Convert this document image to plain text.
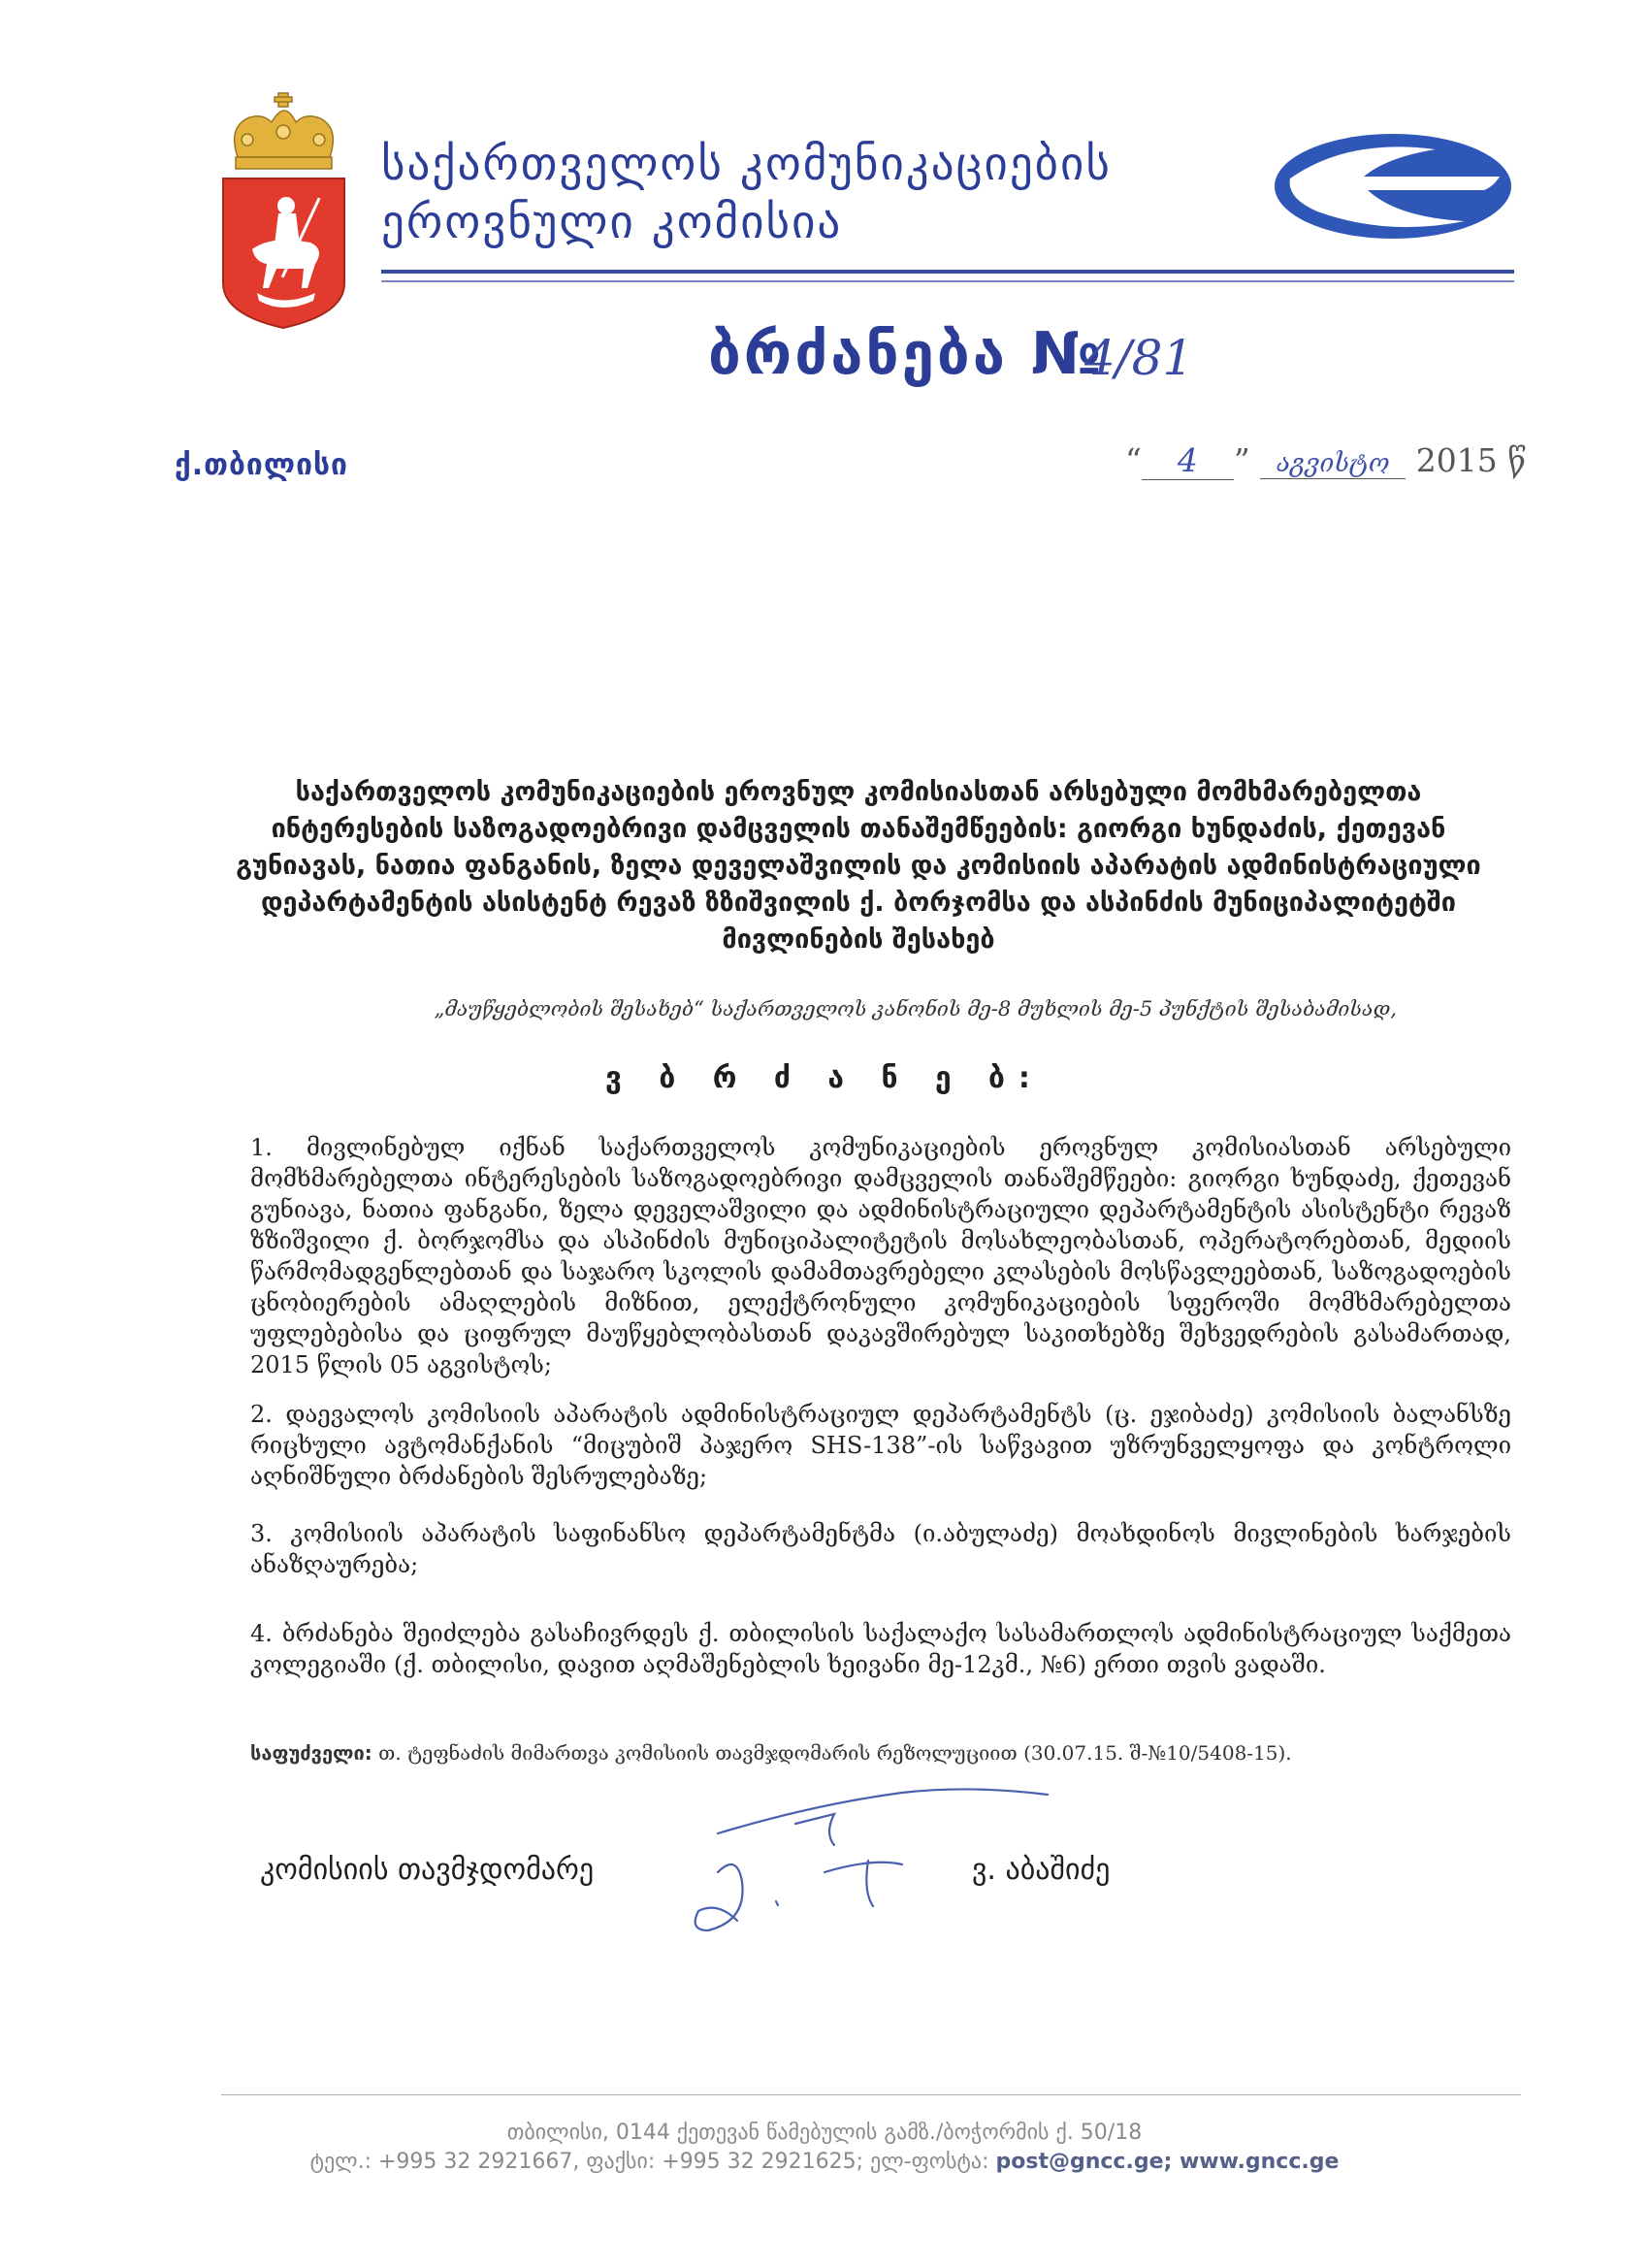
საქართველოს კომუნიკაციების
ეროვნული კომისია
ბრძანება №
4/81
ქ.თბილისი	“ 4 ” აგვისტო 2015 წ
საქართველოს კომუნიკაციების ეროვნულ კომისიასთან არსებული მომხმარებელთა ინტერესების საზოგადოებრივი დამცველის თანაშემწეების: გიორგი ხუნდაძის, ქეთევან გუნიავას, ნათია ფანგანის, ზელა დეველაშვილის და კომისიის აპარატის ადმინისტრაციული დეპარტამენტის ასისტენტ რევაზ ზზიშვილის ქ. ბორჯომსა და ასპინძის მუნიციპალიტეტში მივლინების შესახებ
„მაუწყებლობის შესახებ“ საქართველოს კანონის მე-8 მუხლის მე-5 პუნქტის შესაბამისად,
ვ ბ რ ძ ა ნ ე ბ:
1. მივლინებულ იქნან საქართველოს კომუნიკაციების ეროვნულ კომისიასთან არსებული მომხმარებელთა ინტერესების საზოგადოებრივი დამცველის თანაშემწეები: გიორგი ხუნდაძე, ქეთევან გუნიავა, ნათია ფანგანი, ზელა დეველაშვილი და ადმინისტრაციული დეპარტამენტის ასისტენტი რევაზ ზზიშვილი ქ. ბორჯომსა და ასპინძის მუნიციპალიტეტის მოსახლეობასთან, ოპერატორებთან, მედიის წარმომადგენლებთან და საჯარო სკოლის დამამთავრებელი კლასების მოსწავლეებთან, საზოგადოების ცნობიერების ამაღლების მიზნით, ელექტრონული კომუნიკაციების სფეროში მომხმარებელთა უფლებებისა და ციფრულ მაუწყებლობასთან დაკავშირებულ საკითხებზე შეხვედრების გასამართად, 2015 წლის 05 აგვისტოს;
2. დაევალოს კომისიის აპარატის ადმინისტრაციულ დეპარტამენტს (ც. ეჯიბაძე) კომისიის ბალანსზე რიცხული ავტომანქანის “მიცუბიშ პაჯერო SHS-138”-ის საწვავით უზრუნველყოფა და კონტროლი აღნიშნული ბრძანების შესრულებაზე;
3. კომისიის აპარატის საფინანსო დეპარტამენტმა (ი.აბულაძე) მოახდინოს მივლინების ხარჯების ანაზღაურება;
4. ბრძანება შეიძლება გასაჩივრდეს ქ. თბილისის საქალაქო სასამართლოს ადმინისტრაციულ საქმეთა კოლეგიაში (ქ. თბილისი, დავით აღმაშენებლის ხეივანი მე-12კმ., №6) ერთი თვის ვადაში.
საფუძველი: თ. ტეფნაძის მიმართვა კომისიის თავმჯდომარის რეზოლუციით (30.07.15. შ-№10/5408-15).
კომისიის თავმჯდომარე	ვ. აბაშიძე
თბილისი, 0144 ქეთევან წამებულის გამზ./ბოჭორმის ქ. 50/18
ტელ.: +995 32 2921667, ფაქსი: +995 32 2921625; ელ-ფოსტა: post@gncc.ge; www.gncc.ge
